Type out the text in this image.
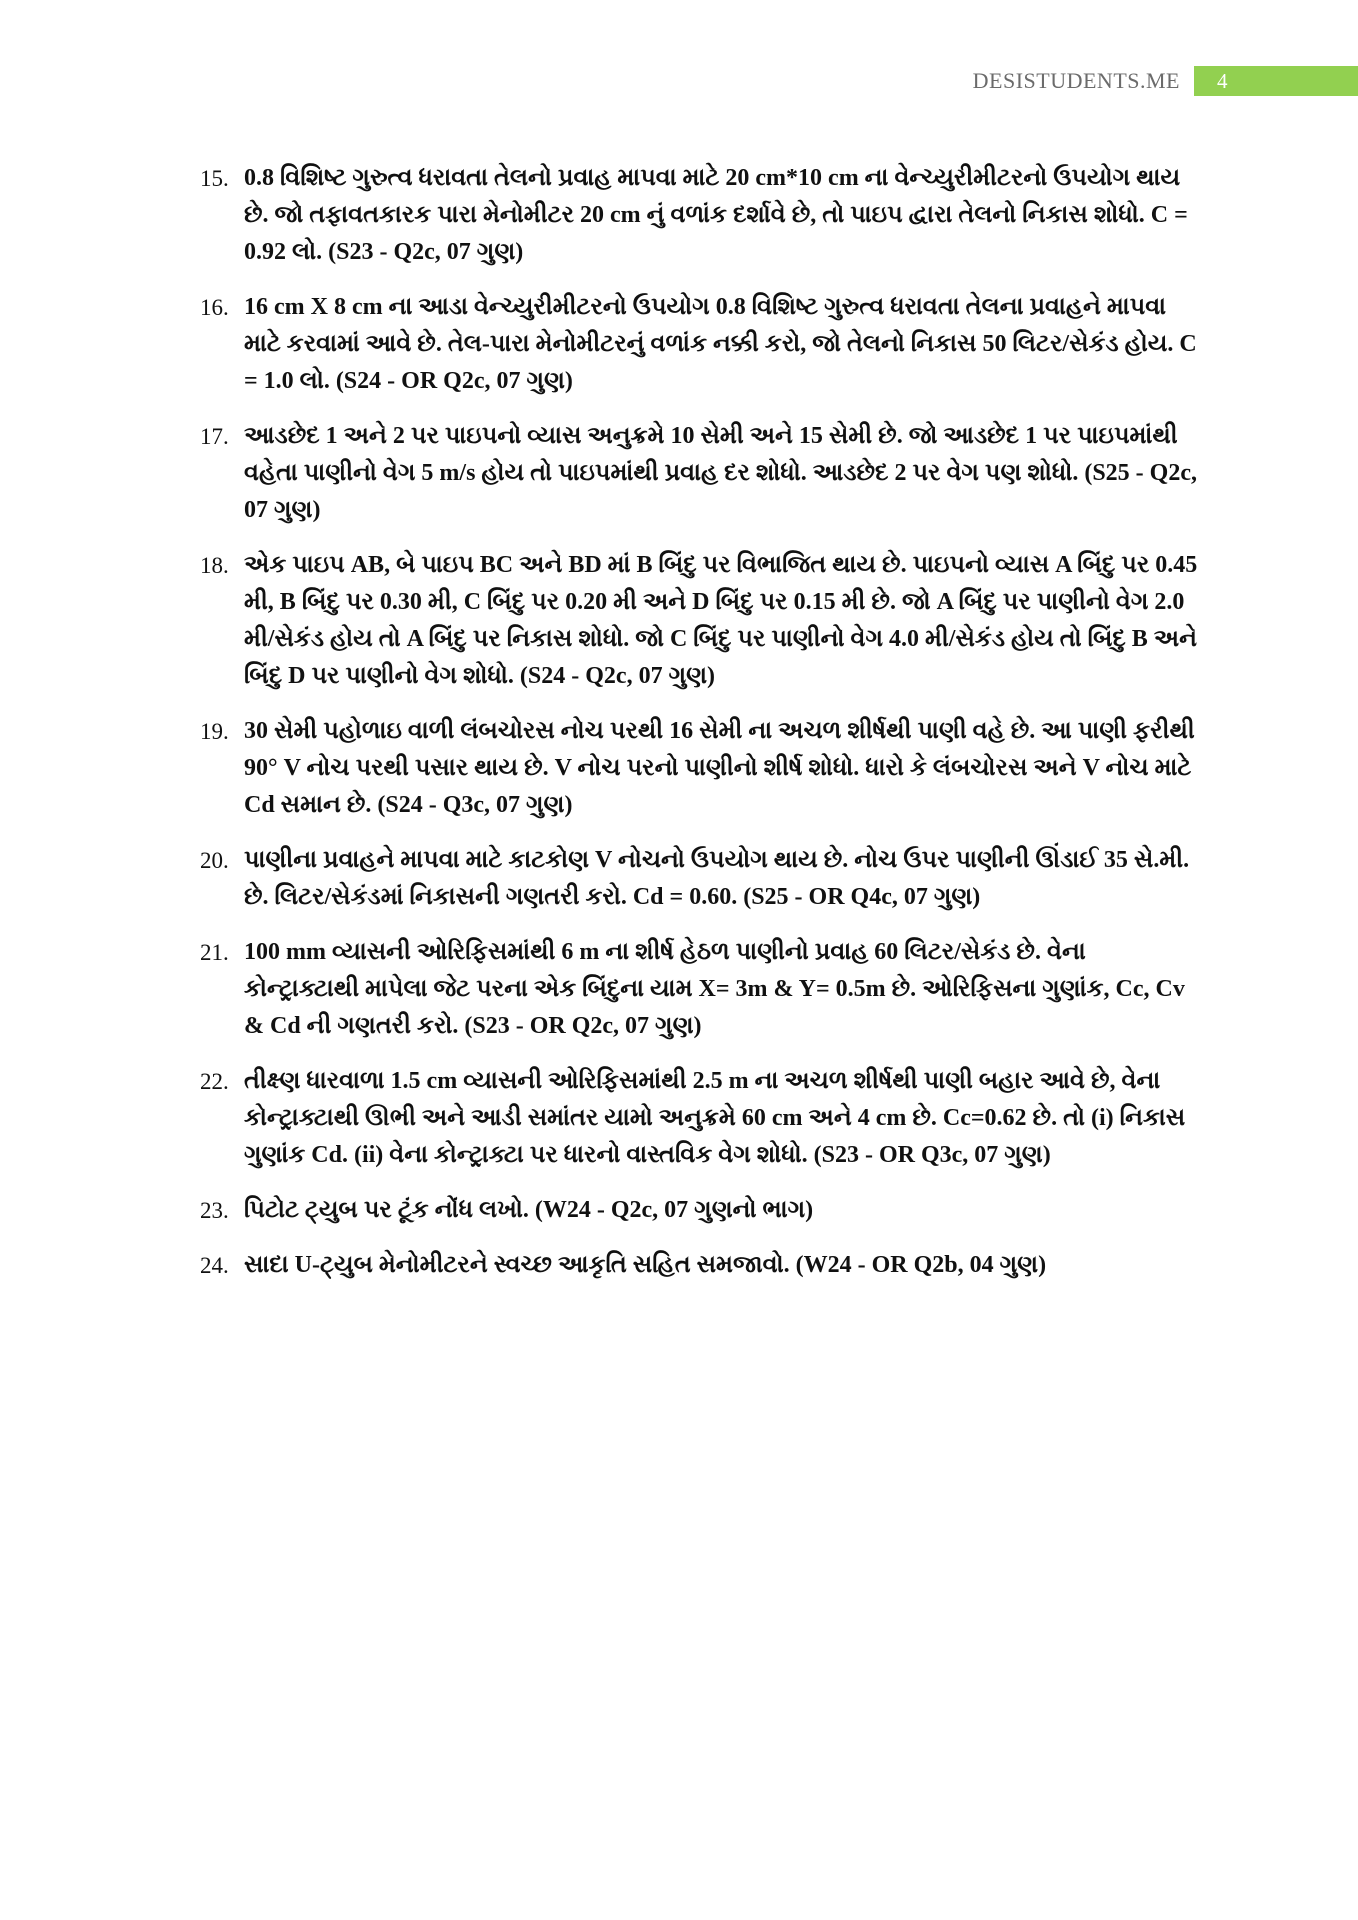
DESISTUDENTS.ME	4
15. 0.8 વિશિષ્ટ ગુરુત્વ ધરાવતા તેલનો પ્રવાહ માપવા માટે 20 cm*10 cm ના વેન્ચ્યુરીમીટરનો ઉપયોગ થાય છે. જો તફાવતકારક પારા મેનોમીટર 20 cm નું વળાંક દર્શાવે છે, તો પાઇપ દ્વારા તેલનો નિકાસ શોધો. C = 0.92 લો. (S23 - Q2c, 07 ગુણ)
16. 16 cm X 8 cm ના આડા વેન્ચ્યુરીમીટરનો ઉપયોગ 0.8 વિશિષ્ટ ગુરુત્વ ધરાવતા તેલના પ્રવાહને માપવા માટે કરવામાં આવે છે. તેલ-પારા મેનોમીટરનું વળાંક નક્કી કરો, જો તેલનો નિકાસ 50 લિટર/સેકંડ હોય. C = 1.0 લો. (S24 - OR Q2c, 07 ગુણ)
17. આડછેદ 1 અને 2 પર પાઇપનો વ્યાસ અનુક્રમે 10 સેમી અને 15 સેમી છે. જો આડછેદ 1 પર પાઇપમાંથી વહેતા પાણીનો વેગ 5 m/s હોય તો પાઇપમાંથી પ્રવાહ દર શોધો. આડછેદ 2 પર વેગ પણ શોધો. (S25 - Q2c, 07 ગુણ)
18. એક પાઇપ AB, બે પાઇપ BC અને BD માં B બિંદુ પર વિભાજિત થાય છે. પાઇપનો વ્યાસ A બિંદુ પર 0.45 મી, B બિંદુ પર 0.30 મી, C બિંદુ પર 0.20 મી અને D બિંદુ પર 0.15 મી છે. જો A બિંદુ પર પાણીનો વેગ 2.0 મી/સેકંડ હોય તો A બિંદુ પર નિકાસ શોધો. જો C બિંદુ પર પાણીનો વેગ 4.0 મી/સેકંડ હોય તો બિંદુ B અને બિંદુ D પર પાણીનો વેગ શોધો. (S24 - Q2c, 07 ગુણ)
19. 30 સેમી પહોળાઇ વાળી લંબચોરસ નોચ પરથી 16 સેમી ના અચળ શીર્ષથી પાણી વહે છે. આ પાણી ફરીથી 90° V નોચ પરથી પસાર થાય છે. V નોચ પરનો પાણીનો શીર્ષ શોધો. ધારો કે લંબચોરસ અને V નોચ માટે Cd સમાન છે. (S24 - Q3c, 07 ગુણ)
20. પાણીના પ્રવાહને માપવા માટે કાટકોણ V નોચનો ઉપયોગ થાય છે. નોચ ઉપર પાણીની ઊંડાઈ 35 સે.મી. છે. લિટર/સેકંડમાં નિકાસની ગણતરી કરો. Cd = 0.60. (S25 - OR Q4c, 07 ગુણ)
21. 100 mm વ્યાસની ઓરિફિસમાંથી 6 m ના શીર્ષ હેઠળ પાણીનો પ્રવાહ 60 લિટર/સેકંડ છે. વેના કોન્ટ્રાક્ટાથી માપેલા જેટ પરના એક બિંદુના યામ X= 3m & Y= 0.5m છે. ઓરિફિસના ગુણાંક, Cc, Cv & Cd ની ગણતરી કરો. (S23 - OR Q2c, 07 ગુણ)
22. તીક્ષ્ણ ધારવાળા 1.5 cm વ્યાસની ઓરિફિસમાંથી 2.5 m ના અચળ શીર્ષથી પાણી બહાર આવે છે, વેના કોન્ટ્રાક્ટાથી ઊભી અને આડી સમાંતર યામો અનુક્રમે 60 cm અને 4 cm છે. Cc=0.62 છે. તો (i) નિકાસ ગુણાંક Cd. (ii) વેના કોન્ટ્રાક્ટા પર ધારનો વાસ્તવિક વેગ શોધો. (S23 - OR Q3c, 07 ગુણ)
23. પિટોટ ટ્યુબ પર ટૂંક નોંધ લખો. (W24 - Q2c, 07 ગુણનો ભાગ)
24. સાદા U-ટ્યુબ મેનોમીટરને સ્વચ્છ આકૃતિ સહિત સમજાવો. (W24 - OR Q2b, 04 ગુણ)
